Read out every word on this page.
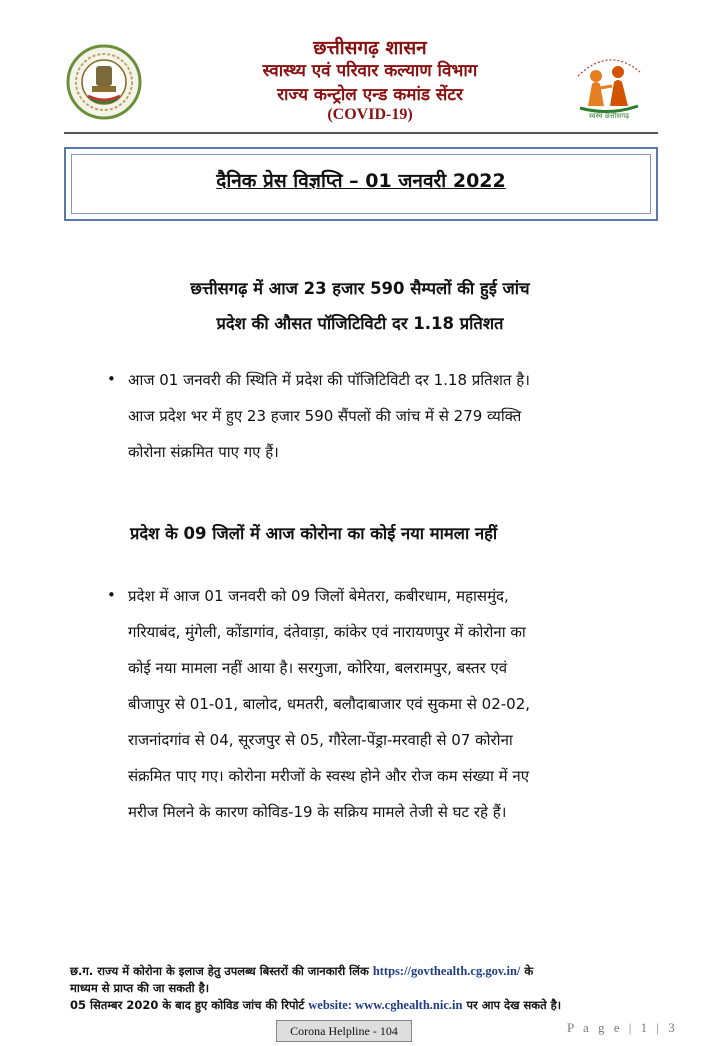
छत्तीसगढ़ शासन
स्वास्थ्य एवं परिवार कल्याण विभाग
राज्य कन्ट्रोल एन्ड कमांड सेंटर
(COVID-19)	स्वस्थ छत्तीसगढ़
दैनिक प्रेस विज्ञप्ति – 01 जनवरी 2022
छत्तीसगढ़ में आज 23 हजार 590 सैम्पलों की हुई जांच
प्रदेश की औसत पॉजिटिविटी दर 1.18 प्रतिशत
• आज 01 जनवरी की स्थिति में प्रदेश की पॉजिटिविटी दर 1.18 प्रतिशत है।
आज प्रदेश भर में हुए 23 हजार 590 सैंपलों की जांच में से 279 व्यक्ति
कोरोना संक्रमित पाए गए हैं।
प्रदेश के 09 जिलों में आज कोरोना का कोई नया मामला नहीं
• प्रदेश में आज 01 जनवरी को 09 जिलों बेमेतरा, कबीरधाम, महासमुंद,
गरियाबंद, मुंगेली, कोंडागांव, दंतेवाड़ा, कांकेर एवं नारायणपुर में कोरोना का
कोई नया मामला नहीं आया है। सरगुजा, कोरिया, बलरामपुर, बस्तर एवं
बीजापुर से 01-01, बालोद, धमतरी, बलौदाबाजार एवं सुकमा से 02-02,
राजनांदगांव से 04, सूरजपुर से 05, गौरेला-पेंड्रा-मरवाही से 07 कोरोना
संक्रमित पाए गए। कोरोना मरीजों के स्वस्थ होने और रोज कम संख्या में नए
मरीज मिलने के कारण कोविड-19 के सक्रिय मामले तेजी से घट रहे हैं।
छ.ग. राज्य में कोरोना के इलाज हेतु उपलब्ध बिस्तरों की जानकारी लिंक https://govthealth.cg.gov.in/ के
माध्यम से प्राप्त की जा सकती है।
05 सितम्बर 2020 के बाद हुए कोविड जांच की रिपोर्ट website: www.cghealth.nic.in पर आप देख सकते है।
Corona Helpline - 104	P a g e | 1 | 3
